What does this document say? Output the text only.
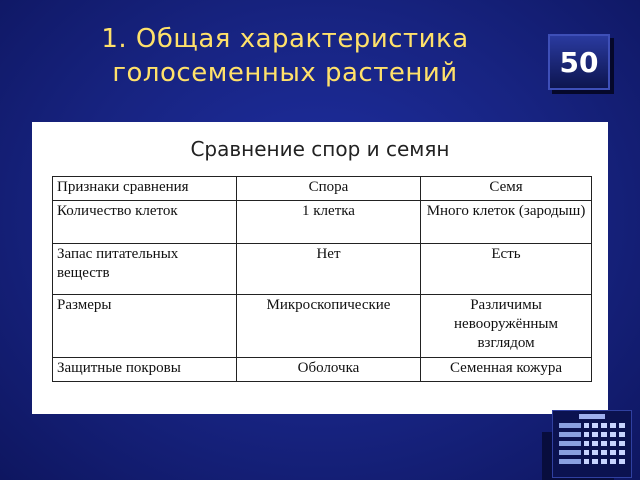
1. Общая характеристика голосеменных растений	50
Сравнение спор и семян
Признаки сравнения	Спора	Семя
Количество клеток	1 клетка	Много клеток (зародыш)
Запас питательных веществ	Нет	Есть
Размеры	Микроскопические	Различимы невооружённым взглядом
Защитные покровы	Оболочка	Семенная кожура
